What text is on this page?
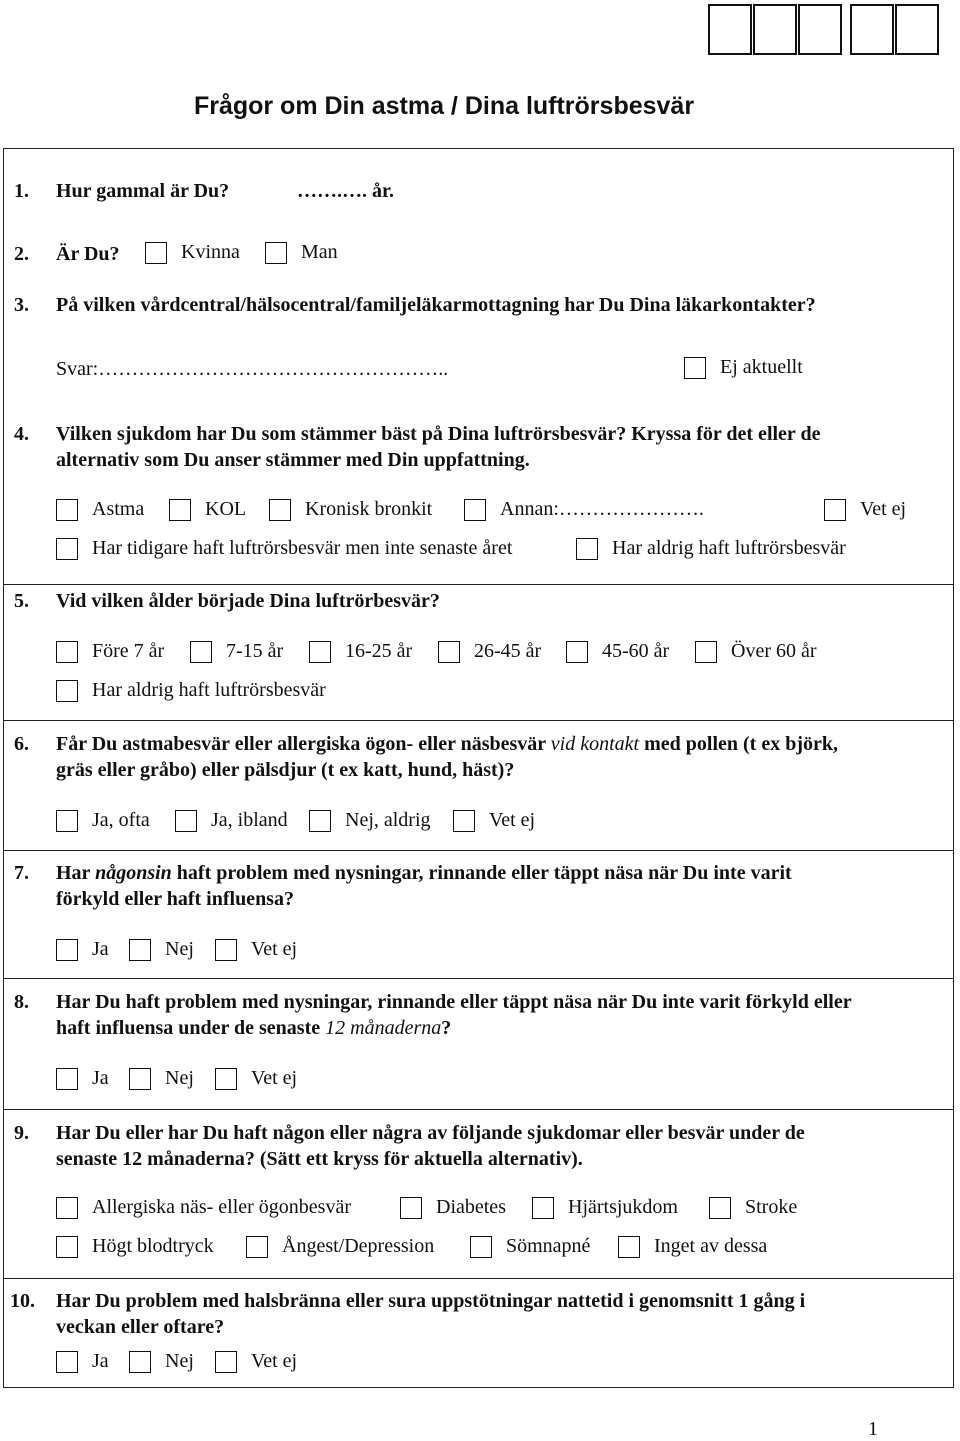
Frågor om Din astma / Dina luftrörsbesvär
1. Hur gammal är Du?	…….…. år.
2. Är Du?	Kvinna	Man
3. På vilken vårdcentral/hälsocentral/familjeläkarmottagning har Du Dina läkarkontakter?
Svar:……………………………………………..	Ej aktuellt
4. Vilken sjukdom har Du som stämmer bäst på Dina luftrörsbesvär? Kryssa för det eller de
alternativ som Du anser stämmer med Din uppfattning.
Astma	KOL	Kronisk bronkit	Annan:………………….	Vet ej
Har tidigare haft luftrörsbesvär men inte senaste året	Har aldrig haft luftrörsbesvär
5. Vid vilken ålder började Dina luftrörbesvär?
Före 7 år	7-15 år	16-25 år	26-45 år	45-60 år	Över 60 år
Har aldrig haft luftrörsbesvär
6. Får Du astmabesvär eller allergiska ögon- eller näsbesvär vid kontakt med pollen (t ex björk,
gräs eller gråbo) eller pälsdjur (t ex katt, hund, häst)?
Ja, ofta	Ja, ibland	Nej, aldrig	Vet ej
7. Har någonsin haft problem med nysningar, rinnande eller täppt näsa när Du inte varit
förkyld eller haft influensa?
Ja	Nej	Vet ej
8. Har Du haft problem med nysningar, rinnande eller täppt näsa när Du inte varit förkyld eller
haft influensa under de senaste 12 månaderna?
Ja	Nej	Vet ej
9. Har Du eller har Du haft någon eller några av följande sjukdomar eller besvär under de
senaste 12 månaderna? (Sätt ett kryss för aktuella alternativ).
Allergiska näs- eller ögonbesvär	Diabetes	Hjärtsjukdom	Stroke
Högt blodtryck	Ångest/Depression	Sömnapné	Inget av dessa
10. Har Du problem med halsbränna eller sura uppstötningar nattetid i genomsnitt 1 gång i
veckan eller oftare?
Ja	Nej	Vet ej
1
